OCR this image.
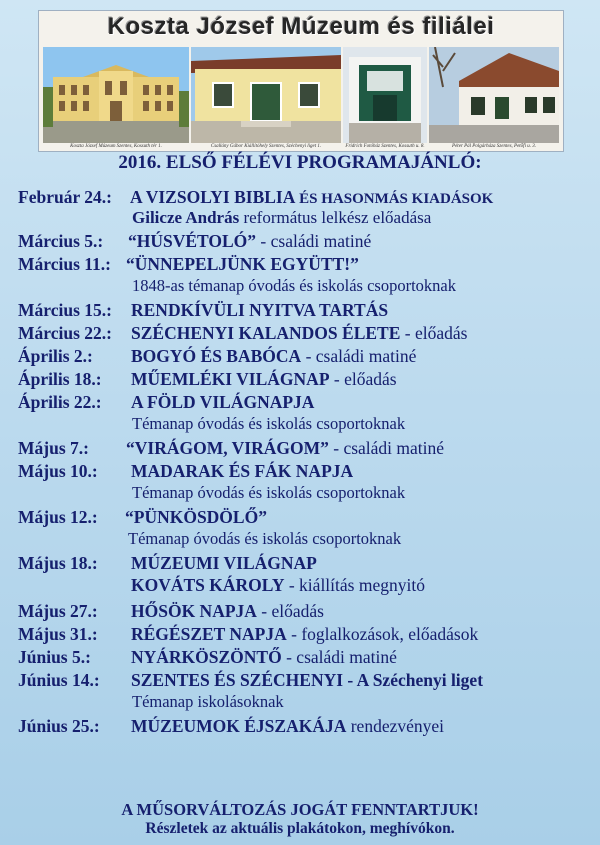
Koszta József Múzeum és filiálei
Koszta József Múzeum Szentes, Kossuth tér 1.	Csallány Gábor Kiállítóhely Szentes, Széchenyi liget 1.	Fridrich Fotóház Szentes, Kossuth u. 8.	Péter Pál Polgárháza Szentes, Petőfi u. 3.
2016. ELSŐ FÉLÉVI PROGRAMAJÁNLÓ:
Február 24.: A VIZSOLYI BIBLIA ÉS HASONMÁS KIADÁSOK
Gilicze András református lelkész előadása
Március 5.: “HÚSVÉTOLÓ” - családi matiné
Március 11.: “ÜNNEPELJÜNK EGYÜTT!”
1848-as témanap óvodás és iskolás csoportoknak
Március 15.: RENDKÍVÜLI NYITVA TARTÁS
Március 22.: SZÉCHENYI KALANDOS ÉLETE - előadás
Április 2.: BOGYÓ ÉS BABÓCA - családi matiné
Április 18.: MŰEMLÉKI VILÁGNAP - előadás
Április 22.: A FÖLD VILÁGNAPJA
Témanap óvodás és iskolás csoportoknak
Május 7.: “VIRÁGOM, VIRÁGOM” - családi matiné
Május 10.: MADARAK ÉS FÁK NAPJA
Témanap óvodás és iskolás csoportoknak
Május 12.: “PÜNKÖSDÖLŐ”
Témanap óvodás és iskolás csoportoknak
Május 18.: MÚZEUMI VILÁGNAP
KOVÁTS KÁROLY - kiállítás megnyitó
Május 27.: HŐSÖK NAPJA - előadás
Május 31.: RÉGÉSZET NAPJA - foglalkozások, előadások
Június 5.: NYÁRKÖSZÖNTŐ - családi matiné
Június 14.: SZENTES ÉS SZÉCHENYI - A Széchenyi liget
Témanap iskolásoknak
Június 25.: MÚZEUMOK ÉJSZAKÁJA rendezvényei
A MŰSORVÁLTOZÁS JOGÁT FENNTARTJUK!
Részletek az aktuális plakátokon, meghívókon.
